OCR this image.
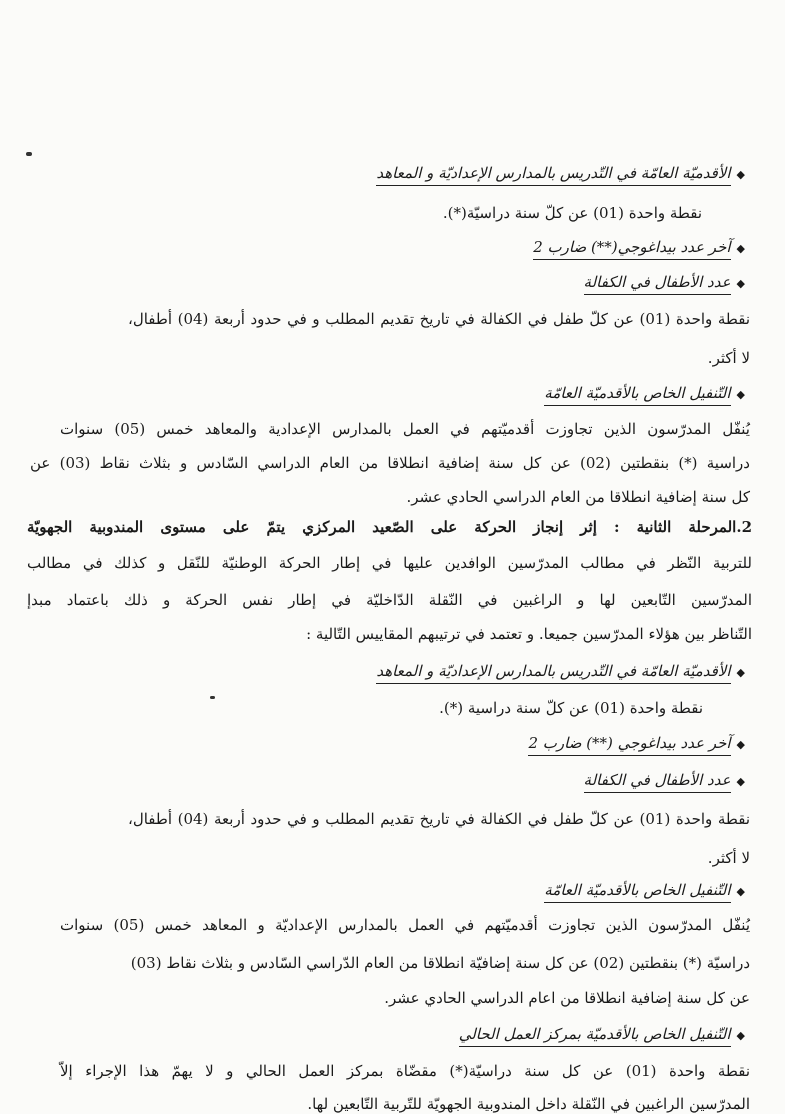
◆الأقدميّة العامّة في التّدريس بالمدارس الإعداديّة و المعاهد
نقطة واحدة (01) عن كلّ سنة دراسيّة(*).
◆آخر عدد بيداغوجي(**) ضارب 2
◆عدد الأطفال في الكفالة
نقطة واحدة (01) عن كلّ طفل في الكفالة في تاريخ تقديم المطلب و في حدود أربعة (04) أطفال،
لا أكثر.
◆التّنفيل الخاص بالأقدميّة العامّة
يُنفّل المدرّسون الذين تجاوزت أقدميّتهم في العمل بالمدارس الإعدادية والمعاهد خمس (05) سنوات
دراسية (*) بنقطتين (02) عن كل سنة إضافية انطلاقا من العام الدراسي السّادس و بثلاث نقاط (03) عن
كل سنة إضافية انطلاقا من العام الدراسي الحادي عشر.
2.المرحلة الثانية : إثر إنجاز الحركة على الصّعيد المركزي يتمّ على مستوى المندوبية الجهويّة
للتربية النّظر في مطالب المدرّسين الوافدين عليها في إطار الحركة الوطنيّة للنّقل و كذلك في مطالب
المدرّسين التّابعين لها و الراغبين في النّقلة الدّاخليّة في إطار نفس الحركة و ذلك باعتماد مبدإ
التّناظر بين هؤلاء المدرّسين جميعا. و تعتمد في ترتيبهم المقاييس التّالية :
◆الأقدميّة العامّة في التّدريس بالمدارس الإعداديّة و المعاهد
نقطة واحدة (01) عن كلّ سنة دراسية (*).
◆آخر عدد بيداغوجي (**) ضارب 2
◆عدد الأطفال في الكفالة
نقطة واحدة (01) عن كلّ طفل في الكفالة في تاريخ تقديم المطلب و في حدود أربعة (04) أطفال،
لا أكثر.
◆التّنفيل الخاص بالأقدميّة العامّة
يُنفّل المدرّسون الذين تجاوزت أقدميّتهم في العمل بالمدارس الإعداديّة و المعاهد خمس (05) سنوات
دراسيّة (*) بنقطتين (02) عن كل سنة إضافيّة انطلاقا من العام الدّراسي السّادس و بثلاث نقاط (03)
عن كل سنة إضافية انطلاقا من اعام الدراسي الحادي عشر.
◆التّنفيل الخاص بالأقدميّة بمركز العمل الحالي
نقطة واحدة (01) عن كل سنة دراسيّة(*) مقضّاة بمركز العمل الحالي و لا يهمّ هذا الإجراء إلاّ
المدرّسين الراغبين في النّقلة داخل المندوبية الجهويّة للتّربية التّابعين لها.
